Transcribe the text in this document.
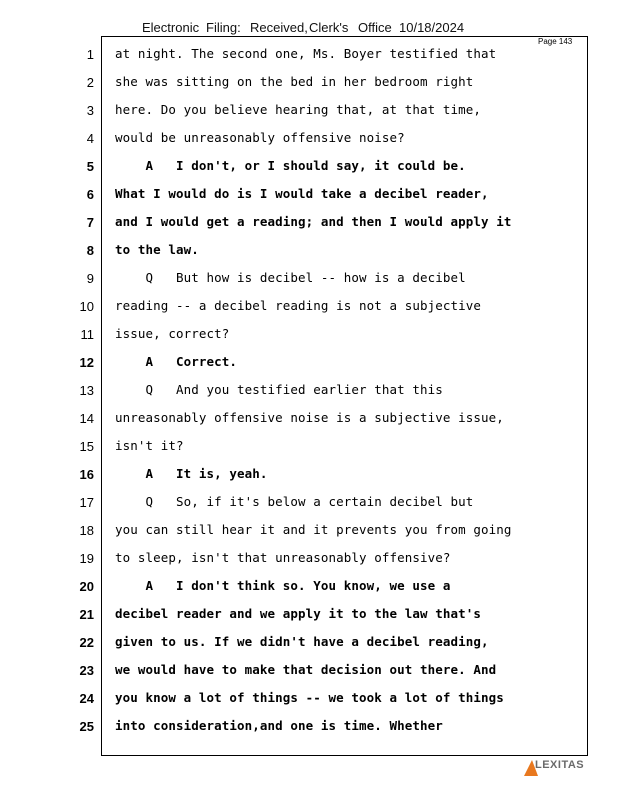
Electronic Filing: Received, Clerk's Office 10/18/2024
Page 143
1 at night. The second one, Ms. Boyer testified that
2 she was sitting on the bed in her bedroom right
3 here. Do you believe hearing that, at that time,
4 would be unreasonably offensive noise?
5 A   I don't, or I should say, it could be.
6 What I would do is I would take a decibel reader,
7 and I would get a reading; and then I would apply it
8 to the law.
9 Q   But how is decibel -- how is a decibel
10 reading -- a decibel reading is not a subjective
11 issue, correct?
12 A   Correct.
13 Q   And you testified earlier that this
14 unreasonably offensive noise is a subjective issue,
15 isn't it?
16 A   It is, yeah.
17 Q   So, if it's below a certain decibel but
18 you can still hear it and it prevents you from going
19 to sleep, isn't that unreasonably offensive?
20 A   I don't think so. You know, we use a
21 decibel reader and we apply it to the law that's
22 given to us. If we didn't have a decibel reading,
23 we would have to make that decision out there. And
24 you know a lot of things -- we took a lot of things
25 into consideration,and one is time. Whether
LEXITAS
